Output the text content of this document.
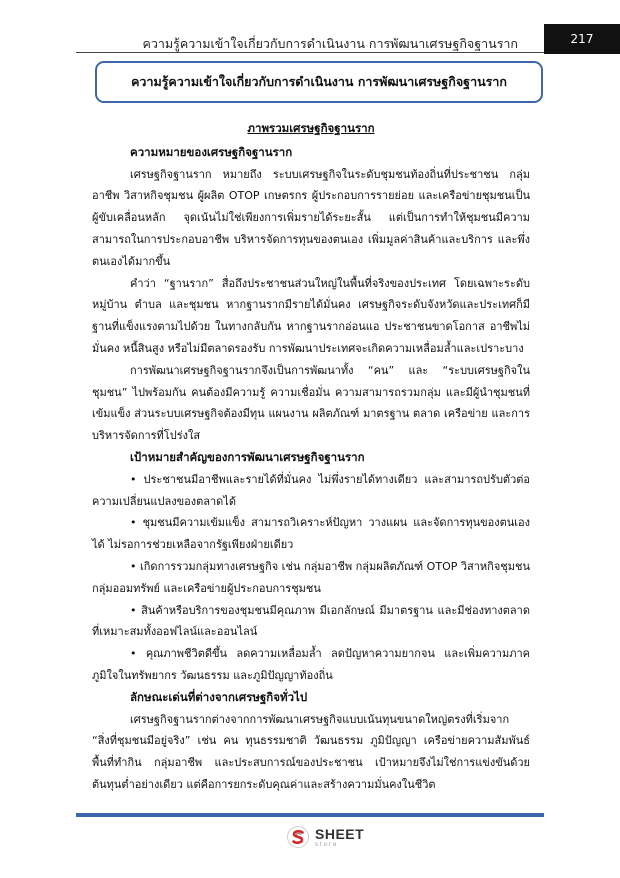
ความรู้ความเข้าใจเกี่ยวกับการดำเนินงาน การพัฒนาเศรษฐกิจฐานราก	217
ความรู้ความเข้าใจเกี่ยวกับการดำเนินงาน การพัฒนาเศรษฐกิจฐานราก
ภาพรวมเศรษฐกิจฐานราก
ความหมายของเศรษฐกิจฐานราก
เศรษฐกิจฐานราก หมายถึง ระบบเศรษฐกิจในระดับชุมชนท้องถิ่นที่ประชาชน กลุ่มอาชีพ วิสาหกิจชุมชน ผู้ผลิต OTOP เกษตรกร ผู้ประกอบการรายย่อย และเครือข่ายชุมชนเป็นผู้ขับเคลื่อนหลัก จุดเน้นไม่ใช่เพียงการเพิ่มรายได้ระยะสั้น แต่เป็นการทำให้ชุมชนมีความสามารถในการประกอบอาชีพ บริหารจัดการทุนของตนเอง เพิ่มมูลค่าสินค้าและบริการ และพึ่งตนเองได้มากขึ้น
คำว่า “ฐานราก” สื่อถึงประชาชนส่วนใหญ่ในพื้นที่จริงของประเทศ โดยเฉพาะระดับหมู่บ้าน ตำบล และชุมชน หากฐานรากมีรายได้มั่นคง เศรษฐกิจระดับจังหวัดและประเทศก็มีฐานที่แข็งแรงตามไปด้วย ในทางกลับกัน หากฐานรากอ่อนแอ ประชาชนขาดโอกาส อาชีพไม่มั่นคง หนี้สินสูง หรือไม่มีตลาดรองรับ การพัฒนาประเทศจะเกิดความเหลื่อมล้ำและเปราะบาง
การพัฒนาเศรษฐกิจฐานรากจึงเป็นการพัฒนาทั้ง “คน” และ “ระบบเศรษฐกิจในชุมชน” ไปพร้อมกัน คนต้องมีความรู้ ความเชื่อมั่น ความสามารถรวมกลุ่ม และมีผู้นำชุมชนที่เข้มแข็ง ส่วนระบบเศรษฐกิจต้องมีทุน แผนงาน ผลิตภัณฑ์ มาตรฐาน ตลาด เครือข่าย และการบริหารจัดการที่โปร่งใส
เป้าหมายสำคัญของการพัฒนาเศรษฐกิจฐานราก
• ประชาชนมีอาชีพและรายได้ที่มั่นคง ไม่พึ่งรายได้ทางเดียว และสามารถปรับตัวต่อความเปลี่ยนแปลงของตลาดได้
• ชุมชนมีความเข้มแข็ง สามารถวิเคราะห์ปัญหา วางแผน และจัดการทุนของตนเองได้ ไม่รอการช่วยเหลือจากรัฐเพียงฝ่ายเดียว
• เกิดการรวมกลุ่มทางเศรษฐกิจ เช่น กลุ่มอาชีพ กลุ่มผลิตภัณฑ์ OTOP วิสาหกิจชุมชน กลุ่มออมทรัพย์ และเครือข่ายผู้ประกอบการชุมชน
• สินค้าหรือบริการของชุมชนมีคุณภาพ มีเอกลักษณ์ มีมาตรฐาน และมีช่องทางตลาดที่เหมาะสมทั้งออฟไลน์และออนไลน์
• คุณภาพชีวิตดีขึ้น ลดความเหลื่อมล้ำ ลดปัญหาความยากจน และเพิ่มความภาคภูมิใจในทรัพยากร วัฒนธรรม และภูมิปัญญาท้องถิ่น
ลักษณะเด่นที่ต่างจากเศรษฐกิจทั่วไป
เศรษฐกิจฐานรากต่างจากการพัฒนาเศรษฐกิจแบบเน้นทุนขนาดใหญ่ตรงที่เริ่มจาก “สิ่งที่ชุมชนมีอยู่จริง” เช่น คน ทุนธรรมชาติ วัฒนธรรม ภูมิปัญญา เครือข่ายความสัมพันธ์ พื้นที่ทำกิน กลุ่มอาชีพ และประสบการณ์ของประชาชน เป้าหมายจึงไม่ใช่การแข่งขันด้วยต้นทุนต่ำอย่างเดียว แต่คือการยกระดับคุณค่าและสร้างความมั่นคงในชีวิต
SHEET
store
